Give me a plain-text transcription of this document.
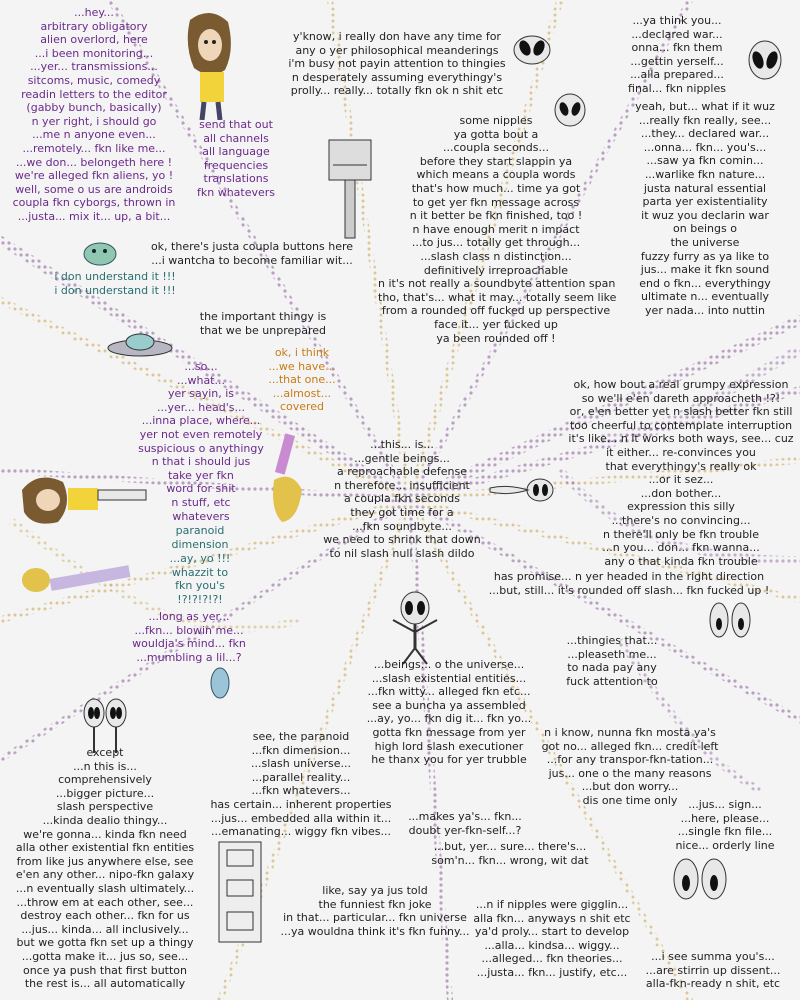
...hey...
arbitrary obligatory
alien overlord, here
...i been monitoring...
...yer... transmissions...
sitcoms, music, comedy
readin letters to the editor
(gabby bunch, basically)
n yer right, i should go
...me n anyone even...
...remotely... fkn like me...
...we don... belongeth here !
we're alleged fkn aliens, yo !
well, some o us are androids
coupla fkn cyborgs, thrown in
...justa... mix it... up, a bit...
send that out
all channels
all language
frequencies
translations
fkn whatevers
y'know, i really don have any time for
any o yer philosophical meanderings
i'm busy not payin attention to thingies
n desperately assuming everythingy's
prolly... really... totally fkn ok n shit etc
...ya think you...
...declared war...
onna... fkn them
...gettin yerself...
...alla prepared...
final... fkn nipples
some nipples
ya gotta bout a
...coupla seconds...
before they start slappin ya
which means a coupla words
that's how much... time ya got
to get yer fkn message across
n it better be fkn finished, too !
n have enough merit n impact
...to jus... totally get through...
...slash class n distinction...
definitively irreproachable
n it's not really a soundbyte attention span
tho, that's... what it may... totally seem like
from a rounded off fucked up perspective
face it... yer fucked up
ya been rounded off !
yeah, but... what if it wuz
...really fkn really, see...
...they... declared war...
...onna... fkn... you's...
...saw ya fkn comin...
...warlike fkn nature...
justa natural essential
parta yer existentiality
it wuz you declarin war
on beings o
the universe
fuzzy furry as ya like to
jus... make it fkn sound
end o fkn... everythingy
ultimate n... eventually
yer nada... into nuttin
ok, there's justa coupla buttons here
...i wantcha to become familiar wit...
i don understand it !!!
i don understand it !!!
the important thingy is
that we be unprepared
ok, i think
...we have...
...that one...
...almost...
covered
...so...
...what...
yer sayin, is
...yer... head's...
...inna place, where...
yer not even remotely
suspicious o anythingy
n that i should jus
take yer fkn
word for shit
n stuff, etc
whatevers
paranoid
dimension
...ay, yo !!!
whazzit to
fkn you's
!?!?!?!?!
...long as yer...
...fkn... blowin me...
wouldja's mind... fkn
...mumbling a lil...?
...this... is...
...gentle beings...
a reproachable defense
n therefore... insufficient
a coupla fkn seconds
they got time for a
...fkn soundbyte...
we need to shrink that down
to nil slash null slash dildo
ok, how bout a real grumpy expression
so we'll e'en dareth approacheth !?!
or, e'en better yet n slash better fkn still
too cheerful to contemplate interruption
it's like... n it works both ways, see... cuz
it either... re-convinces you
that everythingy's really ok
...or it sez...
...don bother...
expression this silly
...there's no convincing...
n there'll only be fkn trouble
...n you... don... fkn wanna...
any o that kinda fkn trouble
has promise... n yer headed in the right direction
...but, still... it's rounded off slash... fkn fucked up !
...thingies that...
...pleaseth me...
to nada pay any
fuck attention to
...beings... o the universe...
...slash existential entities...
...fkn witty... alleged fkn etc...
see a buncha ya assembled
...ay, yo... fkn dig it... fkn yo...
gotta fkn message from yer
high lord slash executioner
he thanx you for yer trubble
n i know, nunna fkn mosta ya's
got no... alleged fkn... credit left
...for any transpor-fkn-tation...
jus... one o the many reasons
...but don worry...
dis one time only
see, the paranoid
...fkn dimension...
...slash universe...
...parallel reality...
...fkn whatevers...
has certain... inherent properties
...jus... embedded alla within it...
...emanating... wiggy fkn vibes...
except
...n this is...
comprehensively
...bigger picture...
slash perspective
...kinda dealio thingy...
we're gonna... kinda fkn need
alla other existential fkn entities
from like jus anywhere else, see
e'en any other... nipo-fkn galaxy
...n eventually slash ultimately...
...throw em at each other, see...
destroy each other... fkn for us
...jus... kinda... all inclusively...
but we gotta fkn set up a thingy
...gotta make it... jus so, see...
once ya push that first button
the rest is... all automatically
...makes ya's... fkn...
doubt yer-fkn-self...?
...jus... sign...
...here, please...
...single fkn file...
nice... orderly line
...but, yer... sure... there's...
som'n... fkn... wrong, wit dat
like, say ya jus told
the funniest fkn joke
in that... particular... fkn universe
...ya wouldna think it's fkn funny...
...n if nipples were gigglin...
alla fkn... anyways n shit etc
ya'd proly... start to develop
...alla... kindsa... wiggy...
...alleged... fkn theories...
...justa... fkn... justify, etc...
...i see summa you's...
...are stirrin up dissent...
alla-fkn-ready n shit, etc
